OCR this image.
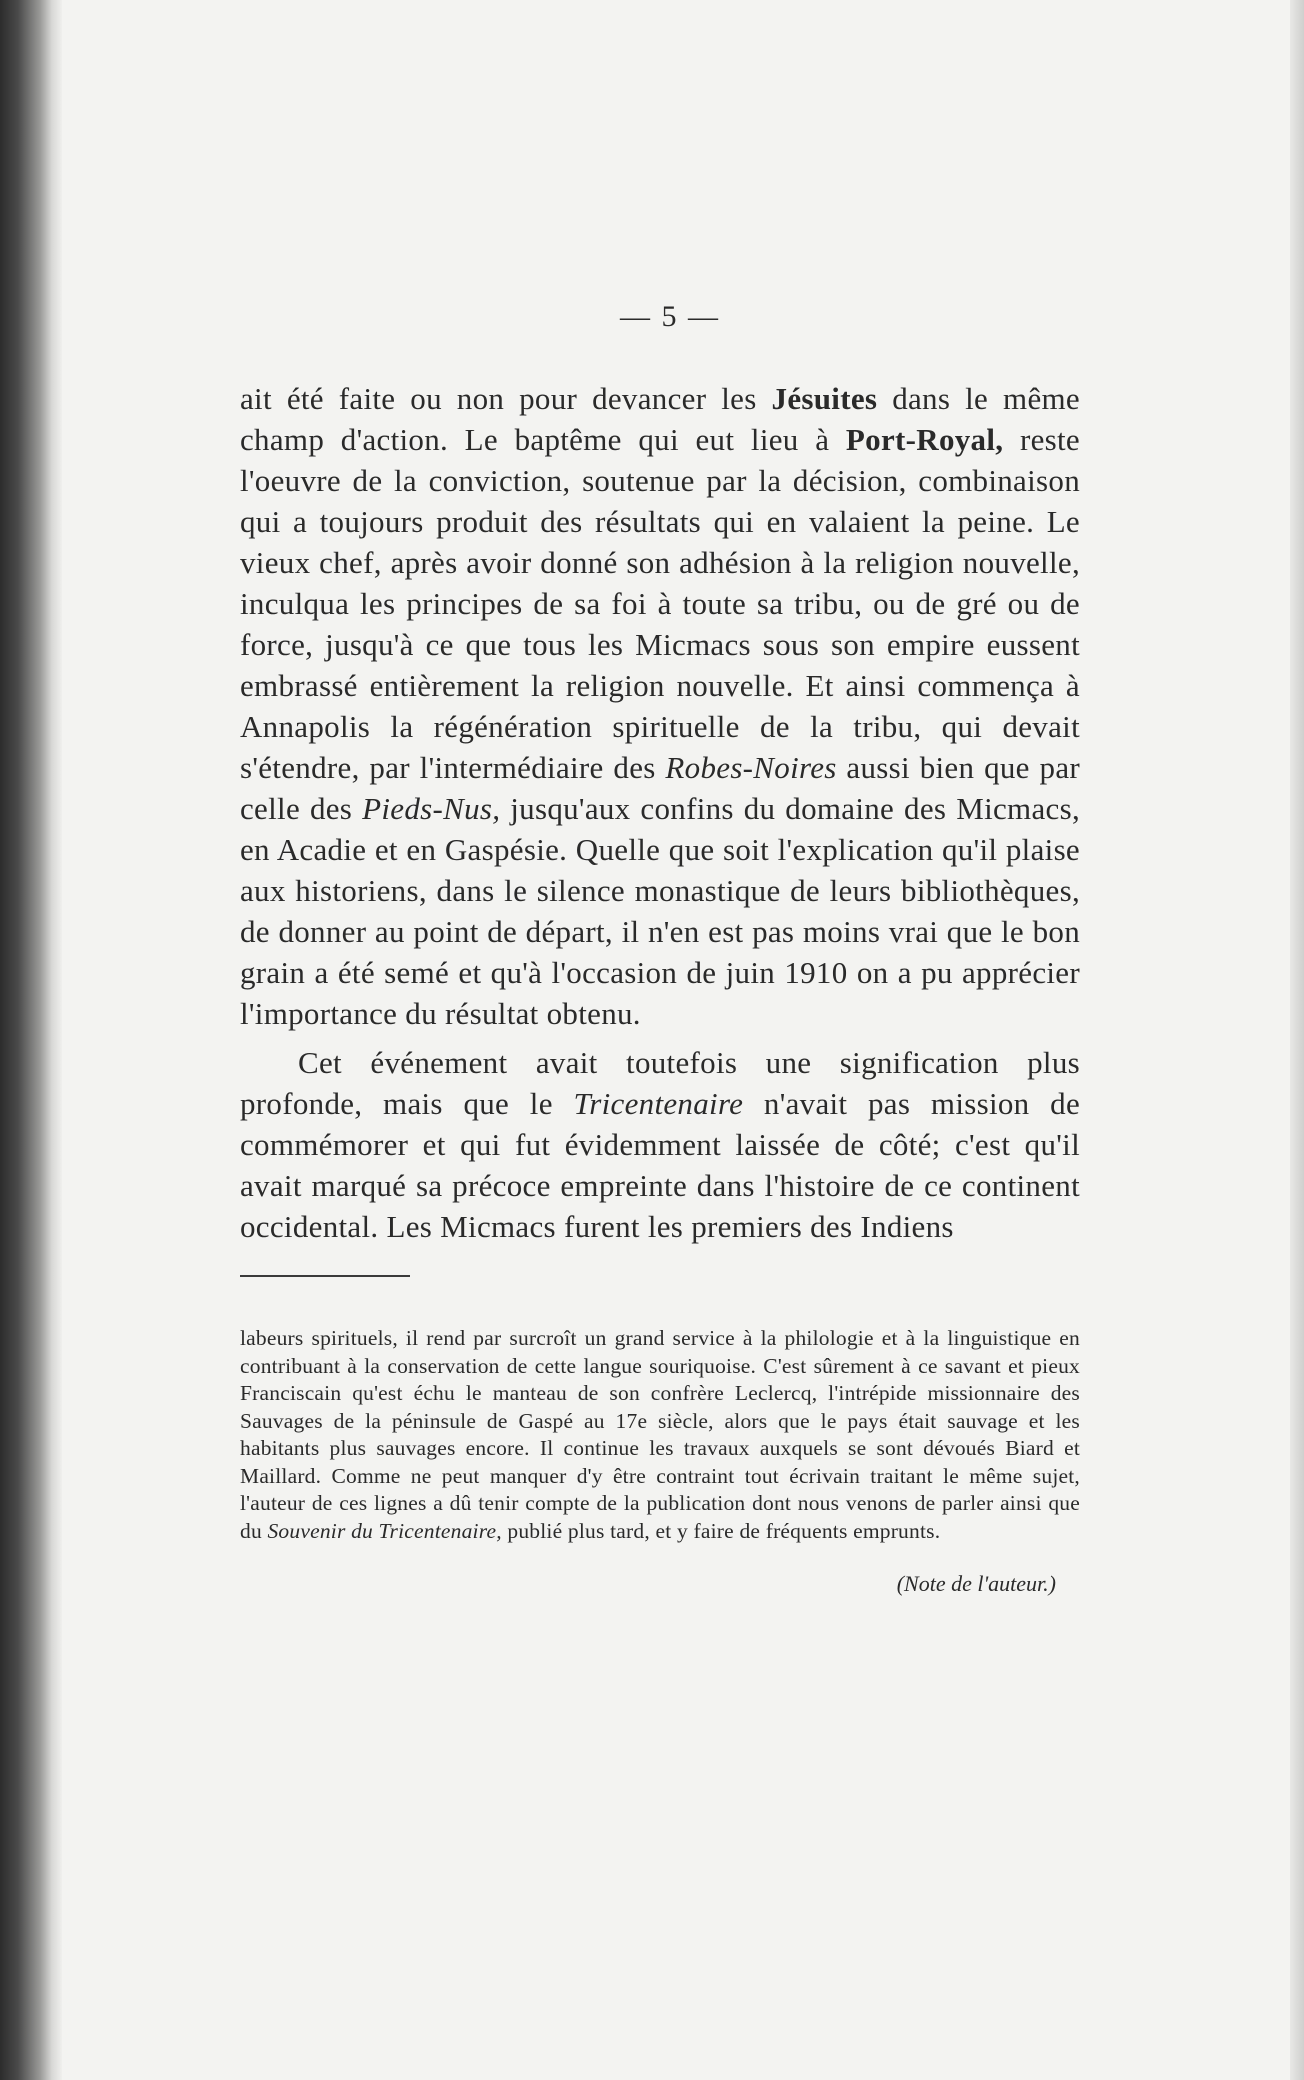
— 5 —

ait été faite ou non pour devancer les Jésuites dans le même champ d'action. Le baptême qui eut lieu à Port-Royal, reste l'oeuvre de la conviction, soutenue par la décision, combinaison qui a toujours produit des résultats qui en valaient la peine. Le vieux chef, après avoir donné son adhésion à la religion nouvelle, inculqua les principes de sa foi à toute sa tribu, ou de gré ou de force, jusqu'à ce que tous les Micmacs sous son empire eussent embrassé entièrement la religion nouvelle. Et ainsi commença à Annapolis la régénération spirituelle de la tribu, qui devait s'étendre, par l'intermédiaire des Robes-Noires aussi bien que par celle des Pieds-Nus, jusqu'aux confins du domaine des Micmacs, en Acadie et en Gaspésie. Quelle que soit l'explication qu'il plaise aux historiens, dans le silence monastique de leurs bibliothèques, de donner au point de départ, il n'en est pas moins vrai que le bon grain a été semé et qu'à l'occasion de juin 1910 on a pu apprécier l'importance du résultat obtenu.

Cet événement avait toutefois une signification plus profonde, mais que le Tricentenaire n'avait pas mission de commémorer et qui fut évidemment laissée de côté; c'est qu'il avait marqué sa précoce empreinte dans l'histoire de ce continent occidental. Les Micmacs furent les premiers des Indiens

labeurs spirituels, il rend par surcroît un grand service à la philologie et à la linguistique en contribuant à la conservation de cette langue souriquoise. C'est sûrement à ce savant et pieux Franciscain qu'est échu le manteau de son confrère Leclercq, l'intrépide missionnaire des Sauvages de la péninsule de Gaspé au 17e siècle, alors que le pays était sauvage et les habitants plus sauvages encore. Il continue les travaux auxquels se sont dévoués Biard et Maillard. Comme ne peut manquer d'y être contraint tout écrivain traitant le même sujet, l'auteur de ces lignes a dû tenir compte de la publication dont nous venons de parler ainsi que du Souvenir du Tricentenaire, publié plus tard, et y faire de fréquents emprunts.
(Note de l'auteur.)
